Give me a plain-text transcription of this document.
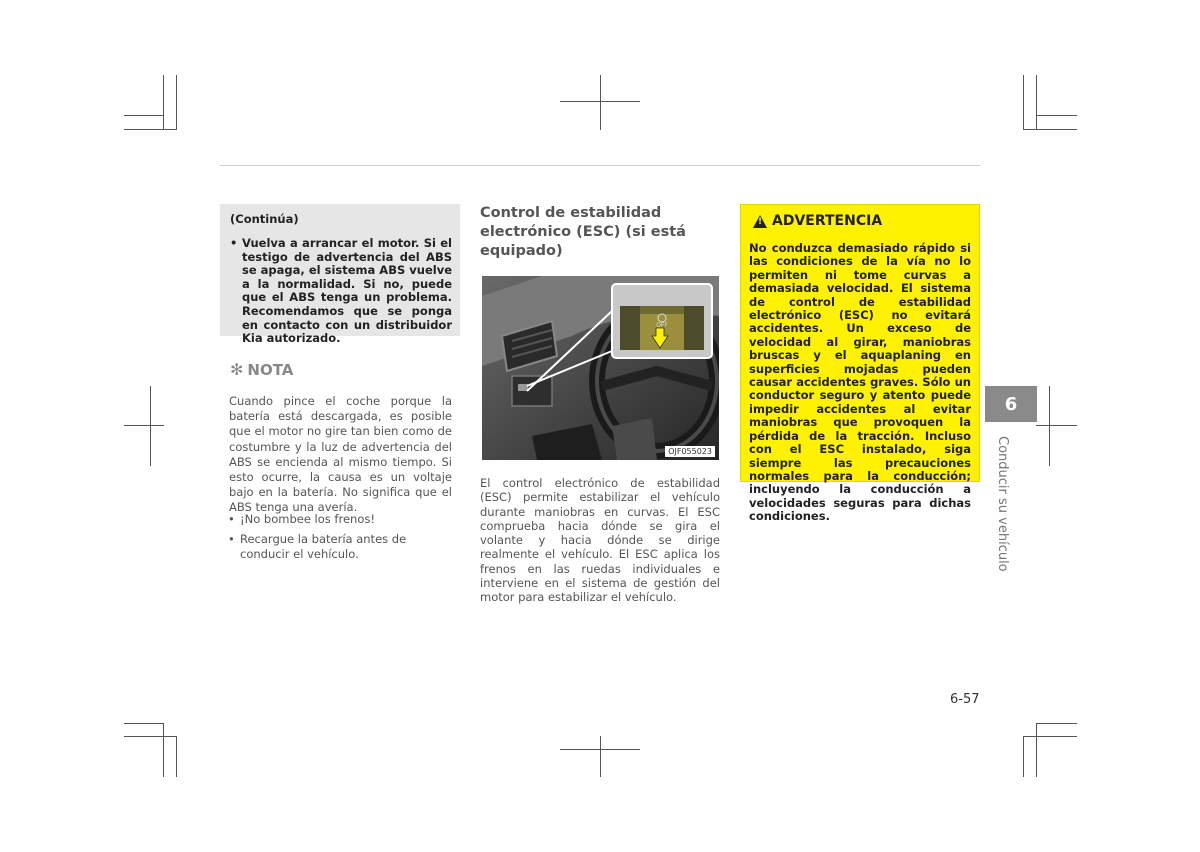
(Continúa)

• Vuelva a arrancar el motor. Si el testigo de advertencia del ABS se apaga, el sistema ABS vuelve a la normalidad. Si no, puede que el ABS tenga un problema. Recomendamos que se ponga en contacto con un distribuidor Kia autorizado.
✻ NOTA

Cuando pince el coche porque la batería está descargada, es posible que el motor no gire tan bien como de costumbre y la luz de advertencia del ABS se encienda al mismo tiempo. Si esto ocurre, la causa es un voltaje bajo en la batería. No significa que el ABS tenga una avería.

• ¡No bombee los frenos!
• Recargue la batería antes de conducir el vehículo.
Control de estabilidad electrónico (ESC) (si está equipado)
OFF
OJF055023

El control electrónico de estabilidad (ESC) permite estabilizar el vehículo durante maniobras en curvas. El ESC comprueba hacia dónde se gira el volante y hacia dónde se dirige realmente el vehículo. El ESC aplica los frenos en las ruedas individuales e interviene en el sistema de gestión del motor para estabilizar el vehículo.

! ADVERTENCIA
No conduzca demasiado rápido si las condiciones de la vía no lo permiten ni tome curvas a demasiada velocidad. El sistema de control de estabilidad electrónico (ESC) no evitará accidentes. Un exceso de velocidad al girar, maniobras bruscas y el aquaplaning en superficies mojadas pueden causar accidentes graves. Sólo un conductor seguro y atento puede impedir accidentes al evitar maniobras que provoquen la pérdida de la tracción. Incluso con el ESC instalado, siga siempre las precauciones normales para la conducción; incluyendo la conducción a velocidades seguras para dichas condiciones.
6
Conducir su vehículo
6-57
